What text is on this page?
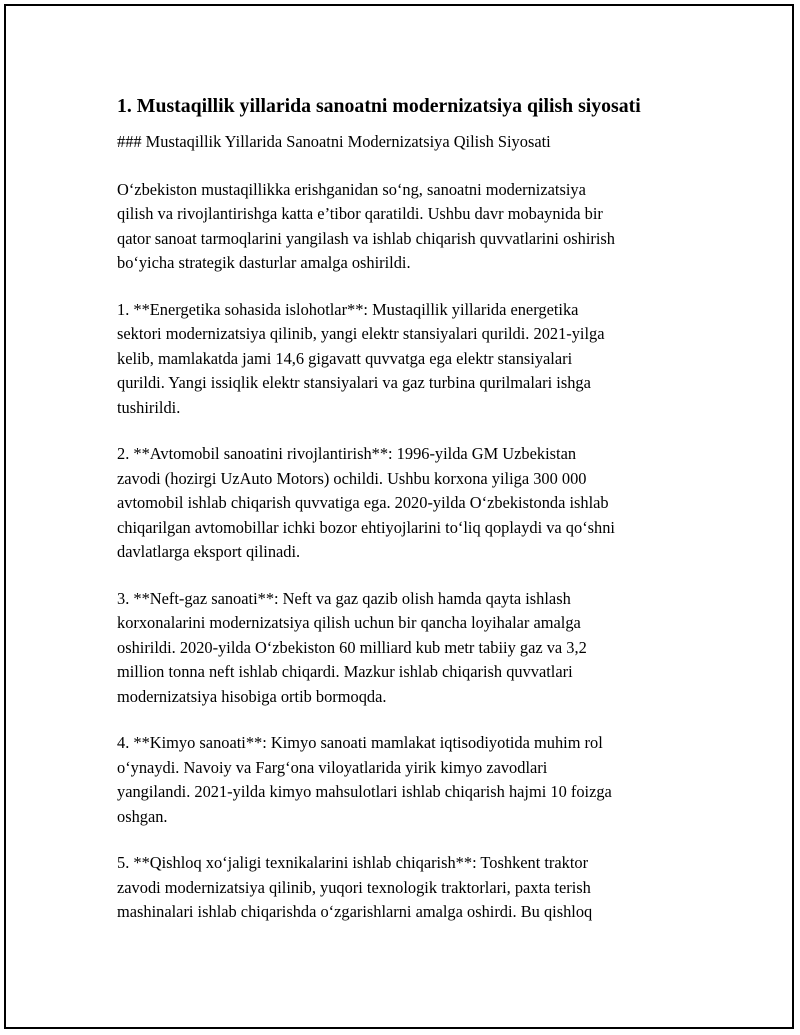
1. Mustaqillik yillarida sanoatni modernizatsiya qilish siyosati

### Mustaqillik Yillarida Sanoatni Modernizatsiya Qilish Siyosati

O‘zbekiston mustaqillikka erishganidan so‘ng, sanoatni modernizatsiya
qilish va rivojlantirishga katta e’tibor qaratildi. Ushbu davr mobaynida bir
qator sanoat tarmoqlarini yangilash va ishlab chiqarish quvvatlarini oshirish
bo‘yicha strategik dasturlar amalga oshirildi.

1. **Energetika sohasida islohotlar**: Mustaqillik yillarida energetika
sektori modernizatsiya qilinib, yangi elektr stansiyalari qurildi. 2021-yilga
kelib, mamlakatda jami 14,6 gigavatt quvvatga ega elektr stansiyalari
qurildi. Yangi issiqlik elektr stansiyalari va gaz turbina qurilmalari ishga
tushirildi.

2. **Avtomobil sanoatini rivojlantirish**: 1996-yilda GM Uzbekistan
zavodi (hozirgi UzAuto Motors) ochildi. Ushbu korxona yiliga 300 000
avtomobil ishlab chiqarish quvvatiga ega. 2020-yilda O‘zbekistonda ishlab
chiqarilgan avtomobillar ichki bozor ehtiyojlarini to‘liq qoplaydi va qo‘shni
davlatlarga eksport qilinadi.

3. **Neft-gaz sanoati**: Neft va gaz qazib olish hamda qayta ishlash
korxonalarini modernizatsiya qilish uchun bir qancha loyihalar amalga
oshirildi. 2020-yilda O‘zbekiston 60 milliard kub metr tabiiy gaz va 3,2
million tonna neft ishlab chiqardi. Mazkur ishlab chiqarish quvvatlari
modernizatsiya hisobiga ortib bormoqda.

4. **Kimyo sanoati**: Kimyo sanoati mamlakat iqtisodiyotida muhim rol
o‘ynaydi. Navoiy va Farg‘ona viloyatlarida yirik kimyo zavodlari
yangilandi. 2021-yilda kimyo mahsulotlari ishlab chiqarish hajmi 10 foizga
oshgan.

5. **Qishloq xo‘jaligi texnikalarini ishlab chiqarish**: Toshkent traktor
zavodi modernizatsiya qilinib, yuqori texnologik traktorlari, paxta terish
mashinalari ishlab chiqarishda o‘zgarishlarni amalga oshirdi. Bu qishloq
